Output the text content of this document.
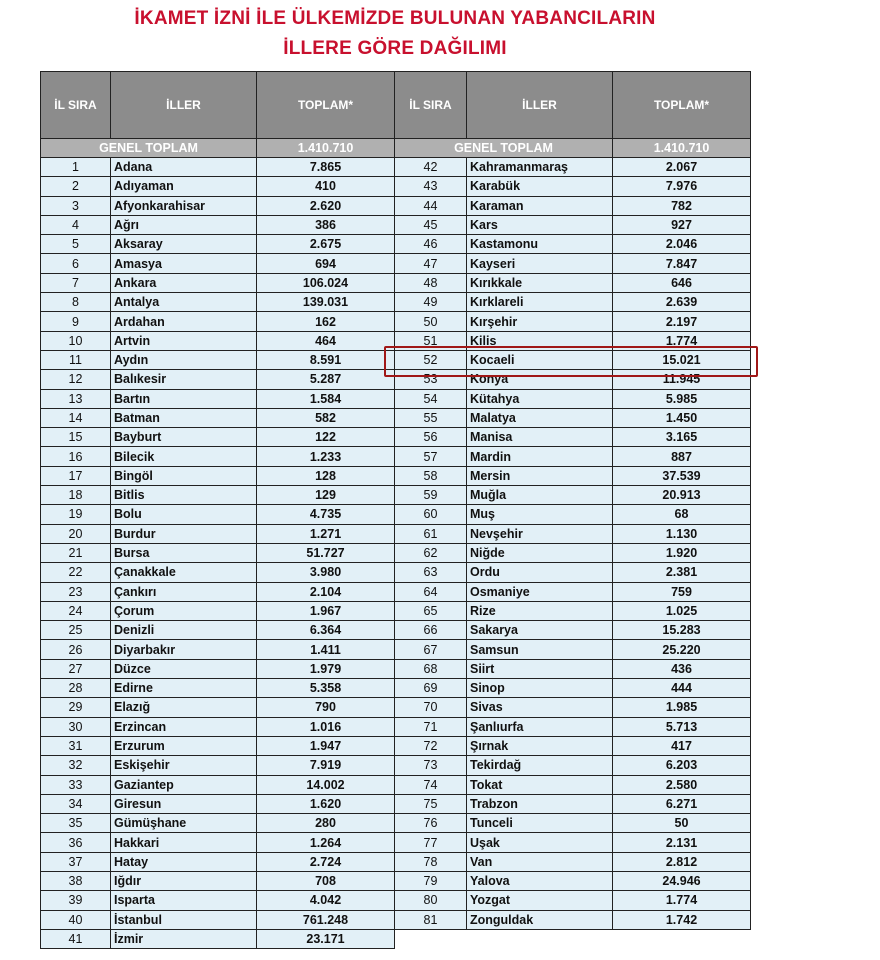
İKAMET İZNİ İLE ÜLKEMİZDE BULUNAN YABANCILARIN
İLLERE GÖRE DAĞILIMI
İL SIRA	İLLER	TOPLAM*	İL SIRA	İLLER	TOPLAM*
GENEL TOPLAM		1.410.710	GENEL TOPLAM		1.410.710
1	Adana	7.865	42	Kahramanmaraş	2.067
2	Adıyaman	410	43	Karabük	7.976
3	Afyonkarahisar	2.620	44	Karaman	782
4	Ağrı	386	45	Kars	927
5	Aksaray	2.675	46	Kastamonu	2.046
6	Amasya	694	47	Kayseri	7.847
7	Ankara	106.024	48	Kırıkkale	646
8	Antalya	139.031	49	Kırklareli	2.639
9	Ardahan	162	50	Kırşehir	2.197
10	Artvin	464	51	Kilis	1.774
11	Aydın	8.591	52	Kocaeli	15.021
12	Balıkesir	5.287	53	Konya	11.945
13	Bartın	1.584	54	Kütahya	5.985
14	Batman	582	55	Malatya	1.450
15	Bayburt	122	56	Manisa	3.165
16	Bilecik	1.233	57	Mardin	887
17	Bingöl	128	58	Mersin	37.539
18	Bitlis	129	59	Muğla	20.913
19	Bolu	4.735	60	Muş	68
20	Burdur	1.271	61	Nevşehir	1.130
21	Bursa	51.727	62	Niğde	1.920
22	Çanakkale	3.980	63	Ordu	2.381
23	Çankırı	2.104	64	Osmaniye	759
24	Çorum	1.967	65	Rize	1.025
25	Denizli	6.364	66	Sakarya	15.283
26	Diyarbakır	1.411	67	Samsun	25.220
27	Düzce	1.979	68	Siirt	436
28	Edirne	5.358	69	Sinop	444
29	Elazığ	790	70	Sivas	1.985
30	Erzincan	1.016	71	Şanlıurfa	5.713
31	Erzurum	1.947	72	Şırnak	417
32	Eskişehir	7.919	73	Tekirdağ	6.203
33	Gaziantep	14.002	74	Tokat	2.580
34	Giresun	1.620	75	Trabzon	6.271
35	Gümüşhane	280	76	Tunceli	50
36	Hakkari	1.264	77	Uşak	2.131
37	Hatay	2.724	78	Van	2.812
38	Iğdır	708	79	Yalova	24.946
39	Isparta	4.042	80	Yozgat	1.774
40	İstanbul	761.248	81	Zonguldak	1.742
41	İzmir	23.171			
